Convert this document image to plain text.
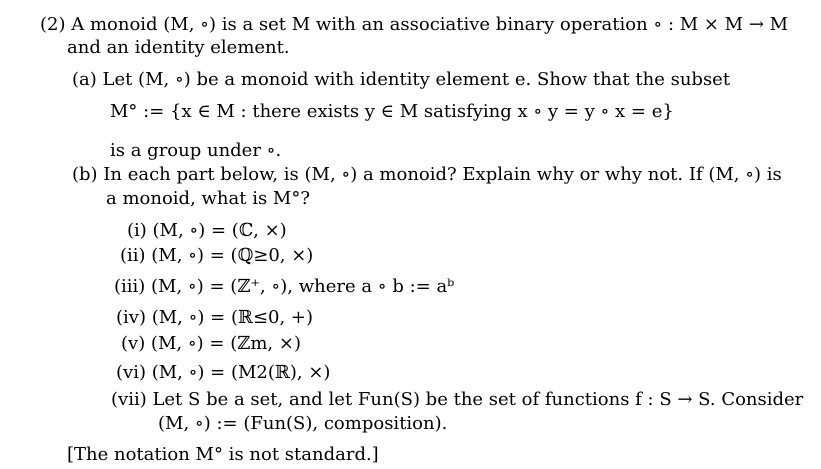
(2) A monoid (M, ∘) is a set M with an associative binary operation ∘ : M × M → M
and an identity element.
(a) Let (M, ∘) be a monoid with identity element e. Show that the subset
M° := {x ∈ M : there exists y ∈ M satisfying x ∘ y = y ∘ x = e}
is a group under ∘.
(b) In each part below, is (M, ∘) a monoid? Explain why or why not. If (M, ∘) is
a monoid, what is M°?
(i) (M, ∘) = (ℂ, ×)
(ii) (M, ∘) = (ℚ≥0, ×)
(iii) (M, ∘) = (ℤ⁺, ∘), where a ∘ b := aᵇ
(iv) (M, ∘) = (ℝ≤0, +)
(v) (M, ∘) = (ℤm, ×)
(vi) (M, ∘) = (M2(ℝ), ×)
(vii) Let S be a set, and let Fun(S) be the set of functions f : S → S. Consider
(M, ∘) := (Fun(S), composition).
[The notation M° is not standard.]
